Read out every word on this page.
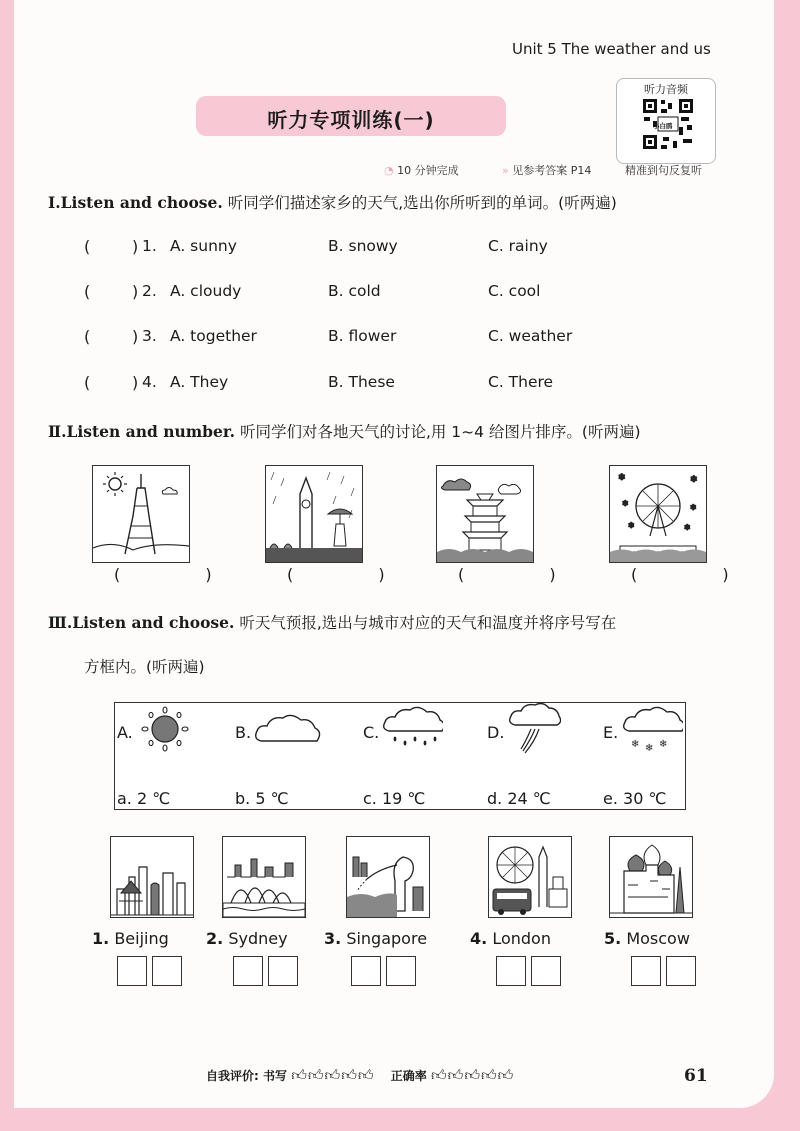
Unit 5 The weather and us
听力专项训练(一)
听力音频
小白鸥
◔ 10 分钟完成	» 见参考答案 P14	精准到句反复听
Ⅰ.Listen and choose. 听同学们描述家乡的天气,选出你所听到的单词。(听两遍)
(	) 1. A. sunny	B. snowy	C. rainy
(	) 2. A. cloudy	B. cold	C. cool
(	) 3. A. together	B. flower	C. weather
(	) 4. A. They	B. These	C. There
Ⅱ.Listen and number. 听同学们对各地天气的讨论,用 1~4 给图片排序。(听两遍)
❄	❄
❄	❄
❄	❄
( ) ( ) ( ) ( )
Ⅲ.Listen and choose. 听天气预报,选出与城市对应的天气和温度并将序号写在
方框内。(听两遍)
A.	B.	C.	D.	E.
❄ ❄ ❄
a. 2 ℃	b. 5 ℃	c. 19 ℃	d. 24 ℃	e. 30 ℃
1. Beijing 2. Sydney 3. Singapore	4. London	5. Moscow
自我评价: 书写 👍︎👍︎👍︎👍︎👍︎ 正确率 👍︎👍︎👍︎👍︎👍︎	61
